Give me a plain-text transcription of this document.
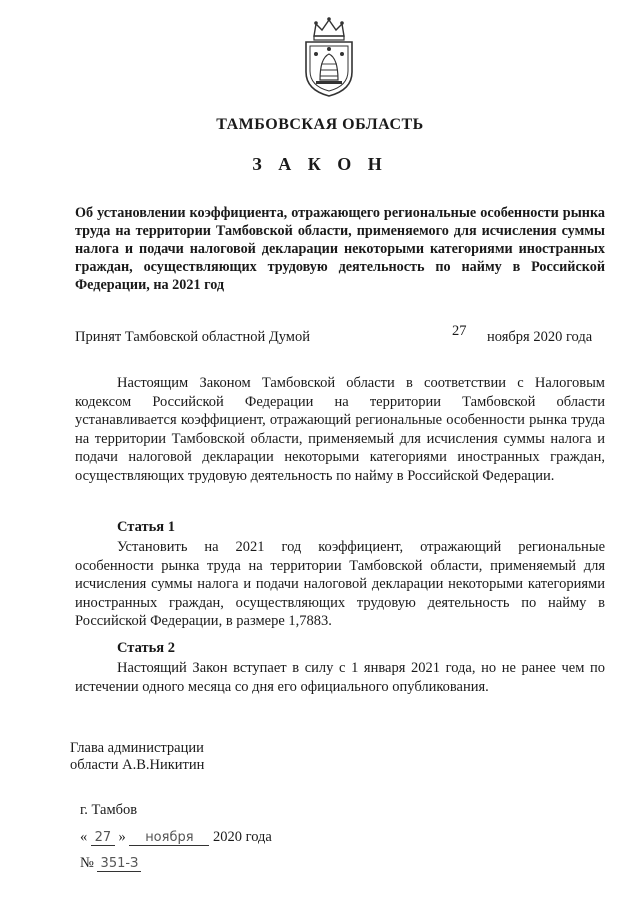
ТАМБОВСКАЯ ОБЛАСТЬ
З А К О Н
Об установлении коэффициента, отражающего региональные особенности рынка труда на территории Тамбовской области, применяемого для исчисления суммы налога и подачи налоговой декларации некоторыми категориями иностранных граждан, осуществляющих трудовую деятельность по найму в Российской Федерации, на 2021 год
Принят Тамбовской областной Думой	27 ноября 2020 года
Настоящим Законом Тамбовской области в соответствии с Налоговым кодексом Российской Федерации на территории Тамбовской области устанавливается коэффициент, отражающий региональные особенности рынка труда на территории Тамбовской области, применяемый для исчисления суммы налога и подачи налоговой декларации некоторыми категориями иностранных граждан, осуществляющих трудовую деятельность по найму в Российской Федерации.
Статья 1
Установить на 2021 год коэффициент, отражающий региональные особенности рынка труда на территории Тамбовской области, применяемый для исчисления суммы налога и подачи налоговой декларации некоторыми категориями иностранных граждан, осуществляющих трудовую деятельность по найму в Российской Федерации, в размере 1,7883.
Статья 2
Настоящий Закон вступает в силу с 1 января 2021 года, но не ранее чем по истечении одного месяца со дня его официального опубликования.
Глава администрации
области А.В.Никитин
г. Тамбов
« 27 » ноября 2020 года
№ 351-З
